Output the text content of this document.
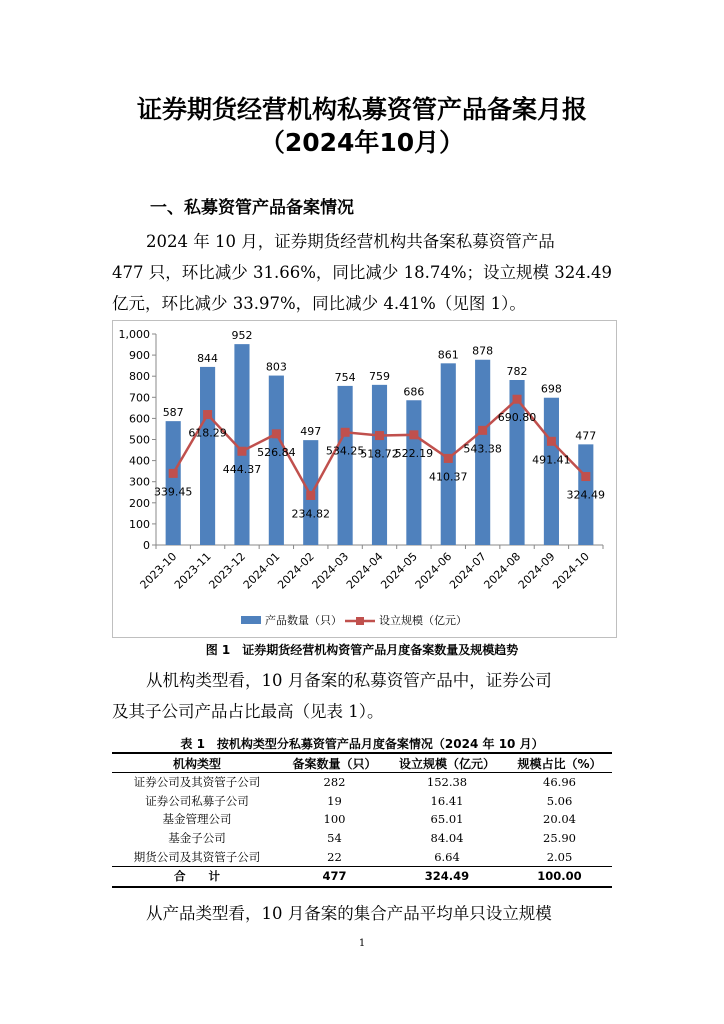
证券期货经营机构私募资管产品备案月报
（2024年10月）
一、私募资管产品备案情况
2024 年 10 月，证券期货经营机构共备案私募资管产品
477 只，环比减少 31.66%，同比减少 18.74%；设立规模 324.49
亿元，环比减少 33.97%，同比减少 4.41%（见图 1）。
0
100
200
300
400
500
600
700
800
900
1,000
587
844
952
803
497
754 759
686
861 878
782
698
477
2023-10
2023-11
2023-12
2024-01
2024-02
2024-03
2024-04
2024-05
2024-06
2024-07
2024-08
2024-09
2024-10
339.45
618.29
444.37
526.84
234.82
534.25
518.72
522.19
410.37
543.38
690.80
491.41
324.49
产品数量（只）	设立规模（亿元）
图 1　证券期货经营机构资管产品月度备案数量及规模趋势
从机构类型看，10 月备案的私募资管产品中，证券公司
及其子公司产品占比最高（见表 1）。
表 1　按机构类型分私募资管产品月度备案情况（2024 年 10 月）
机构类型	备案数量（只）	设立规模（亿元）	规模占比（%）
证券公司及其资管子公司	282	152.38	46.96
证券公司私募子公司	19	16.41	5.06
基金管理公司	100	65.01	20.04
基金子公司	54	84.04	25.90
期货公司及其资管子公司	22	6.64	2.05
合　　计	477	324.49	100.00
从产品类型看，10 月备案的集合产品平均单只设立规模
1
